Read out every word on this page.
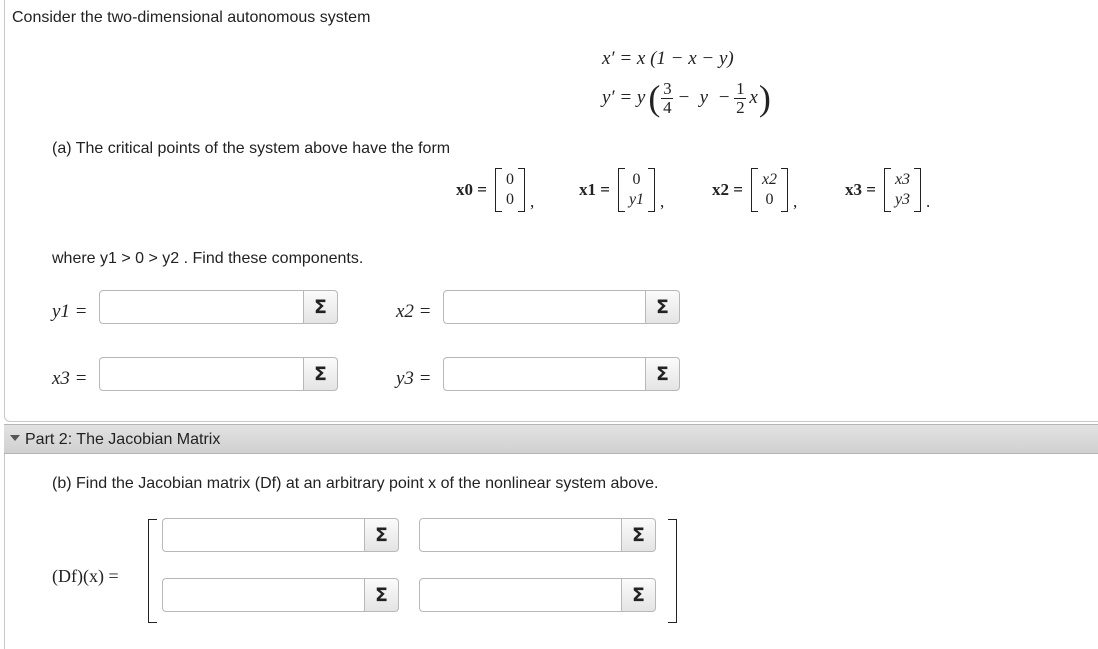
Consider the two-dimensional autonomous system
x′ = x (1 − x − y)
y′ = y ( 3
4 −  y  − 1
2 x )
(a) The critical points of the system above have the form
x0 =
0
0 ,
x1 =
0
y1 ,
x2 =
x2
0 ,
x3 =
x3
y3 .
where y1 > 0 > y2 . Find these components.
y1 =	Σ	x2 =	Σ
x3 =	Σ	y3 =	Σ
Part 2: The Jacobian Matrix
(b) Find the Jacobian matrix (Df) at an arbitrary point x of the nonlinear system above.
(Df)(x) =
Σ	Σ
Σ	Σ
